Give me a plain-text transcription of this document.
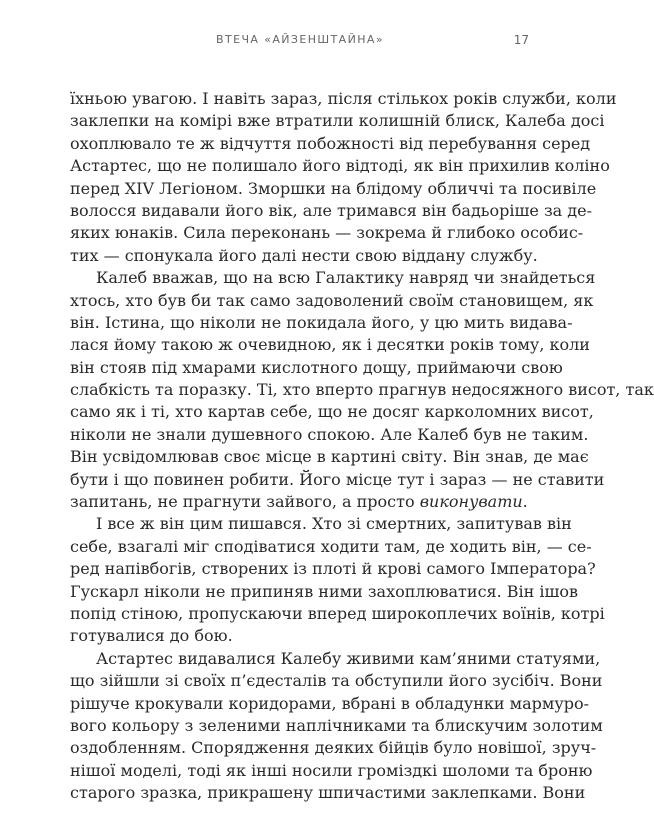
ВТЕЧА «АЙЗЕНШТАЙНА»	17
їхньою увагою. І навіть зараз, після стількох років служби, коли
заклепки на комірі вже втратили колишній блиск, Калеба досі
охоплювало те ж відчуття побожності від перебування серед
Астартес, що не полишало його відтоді, як він прихилив коліно
перед XIV Легіоном. Зморшки на блідому обличчі та посивіле
волосся видавали його вік, але тримався він бадьоріше за де-
яких юнаків. Сила переконань — зокрема й глибоко особис-
тих — спонукала його далі нести свою віддану службу.
Калеб вважав, що на всю Галактику навряд чи знайдеться
хтось, хто був би так само задоволений своїм становищем, як
він. Істина, що ніколи не покидала його, у цю мить видава-
лася йому такою ж очевидною, як і десятки років тому, коли
він стояв під хмарами кислотного дощу, приймаючи свою
слабкість та поразку. Ті, хто вперто прагнув недосяжного висот, так
само як і ті, хто картав себе, що не досяг карколомних висот,
ніколи не знали душевного спокою. Але Калеб був не таким.
Він усвідомлював своє місце в картині світу. Він знав, де має
бути і що повинен робити. Його місце тут і зараз — не ставити
запитань, не прагнути зайвого, а просто виконувати.
І все ж він цим пишався. Хто зі смертних, запитував він
себе, взагалі міг сподіватися ходити там, де ходить він, — се-
ред напівбогів, створених із плоті й крові самого Імператора?
Гускарл ніколи не припиняв ними захоплюватися. Він ішов
попід стіною, пропускаючи вперед широкоплечих воїнів, котрі
готувалися до бою.
Астартес видавалися Калебу живими кам’яними статуями,
що зійшли зі своїх п’єдесталів та обступили його зусібіч. Вони
рішуче крокували коридорами, вбрані в обладунки мармуро-
вого кольору з зеленими наплічниками та блискучим золотим
оздобленням. Спорядження деяких бійців було новішої, зруч-
нішої моделі, тоді як інші носили громіздкі шоломи та броню
старого зразка, прикрашену шпичастими заклепками. Вони
